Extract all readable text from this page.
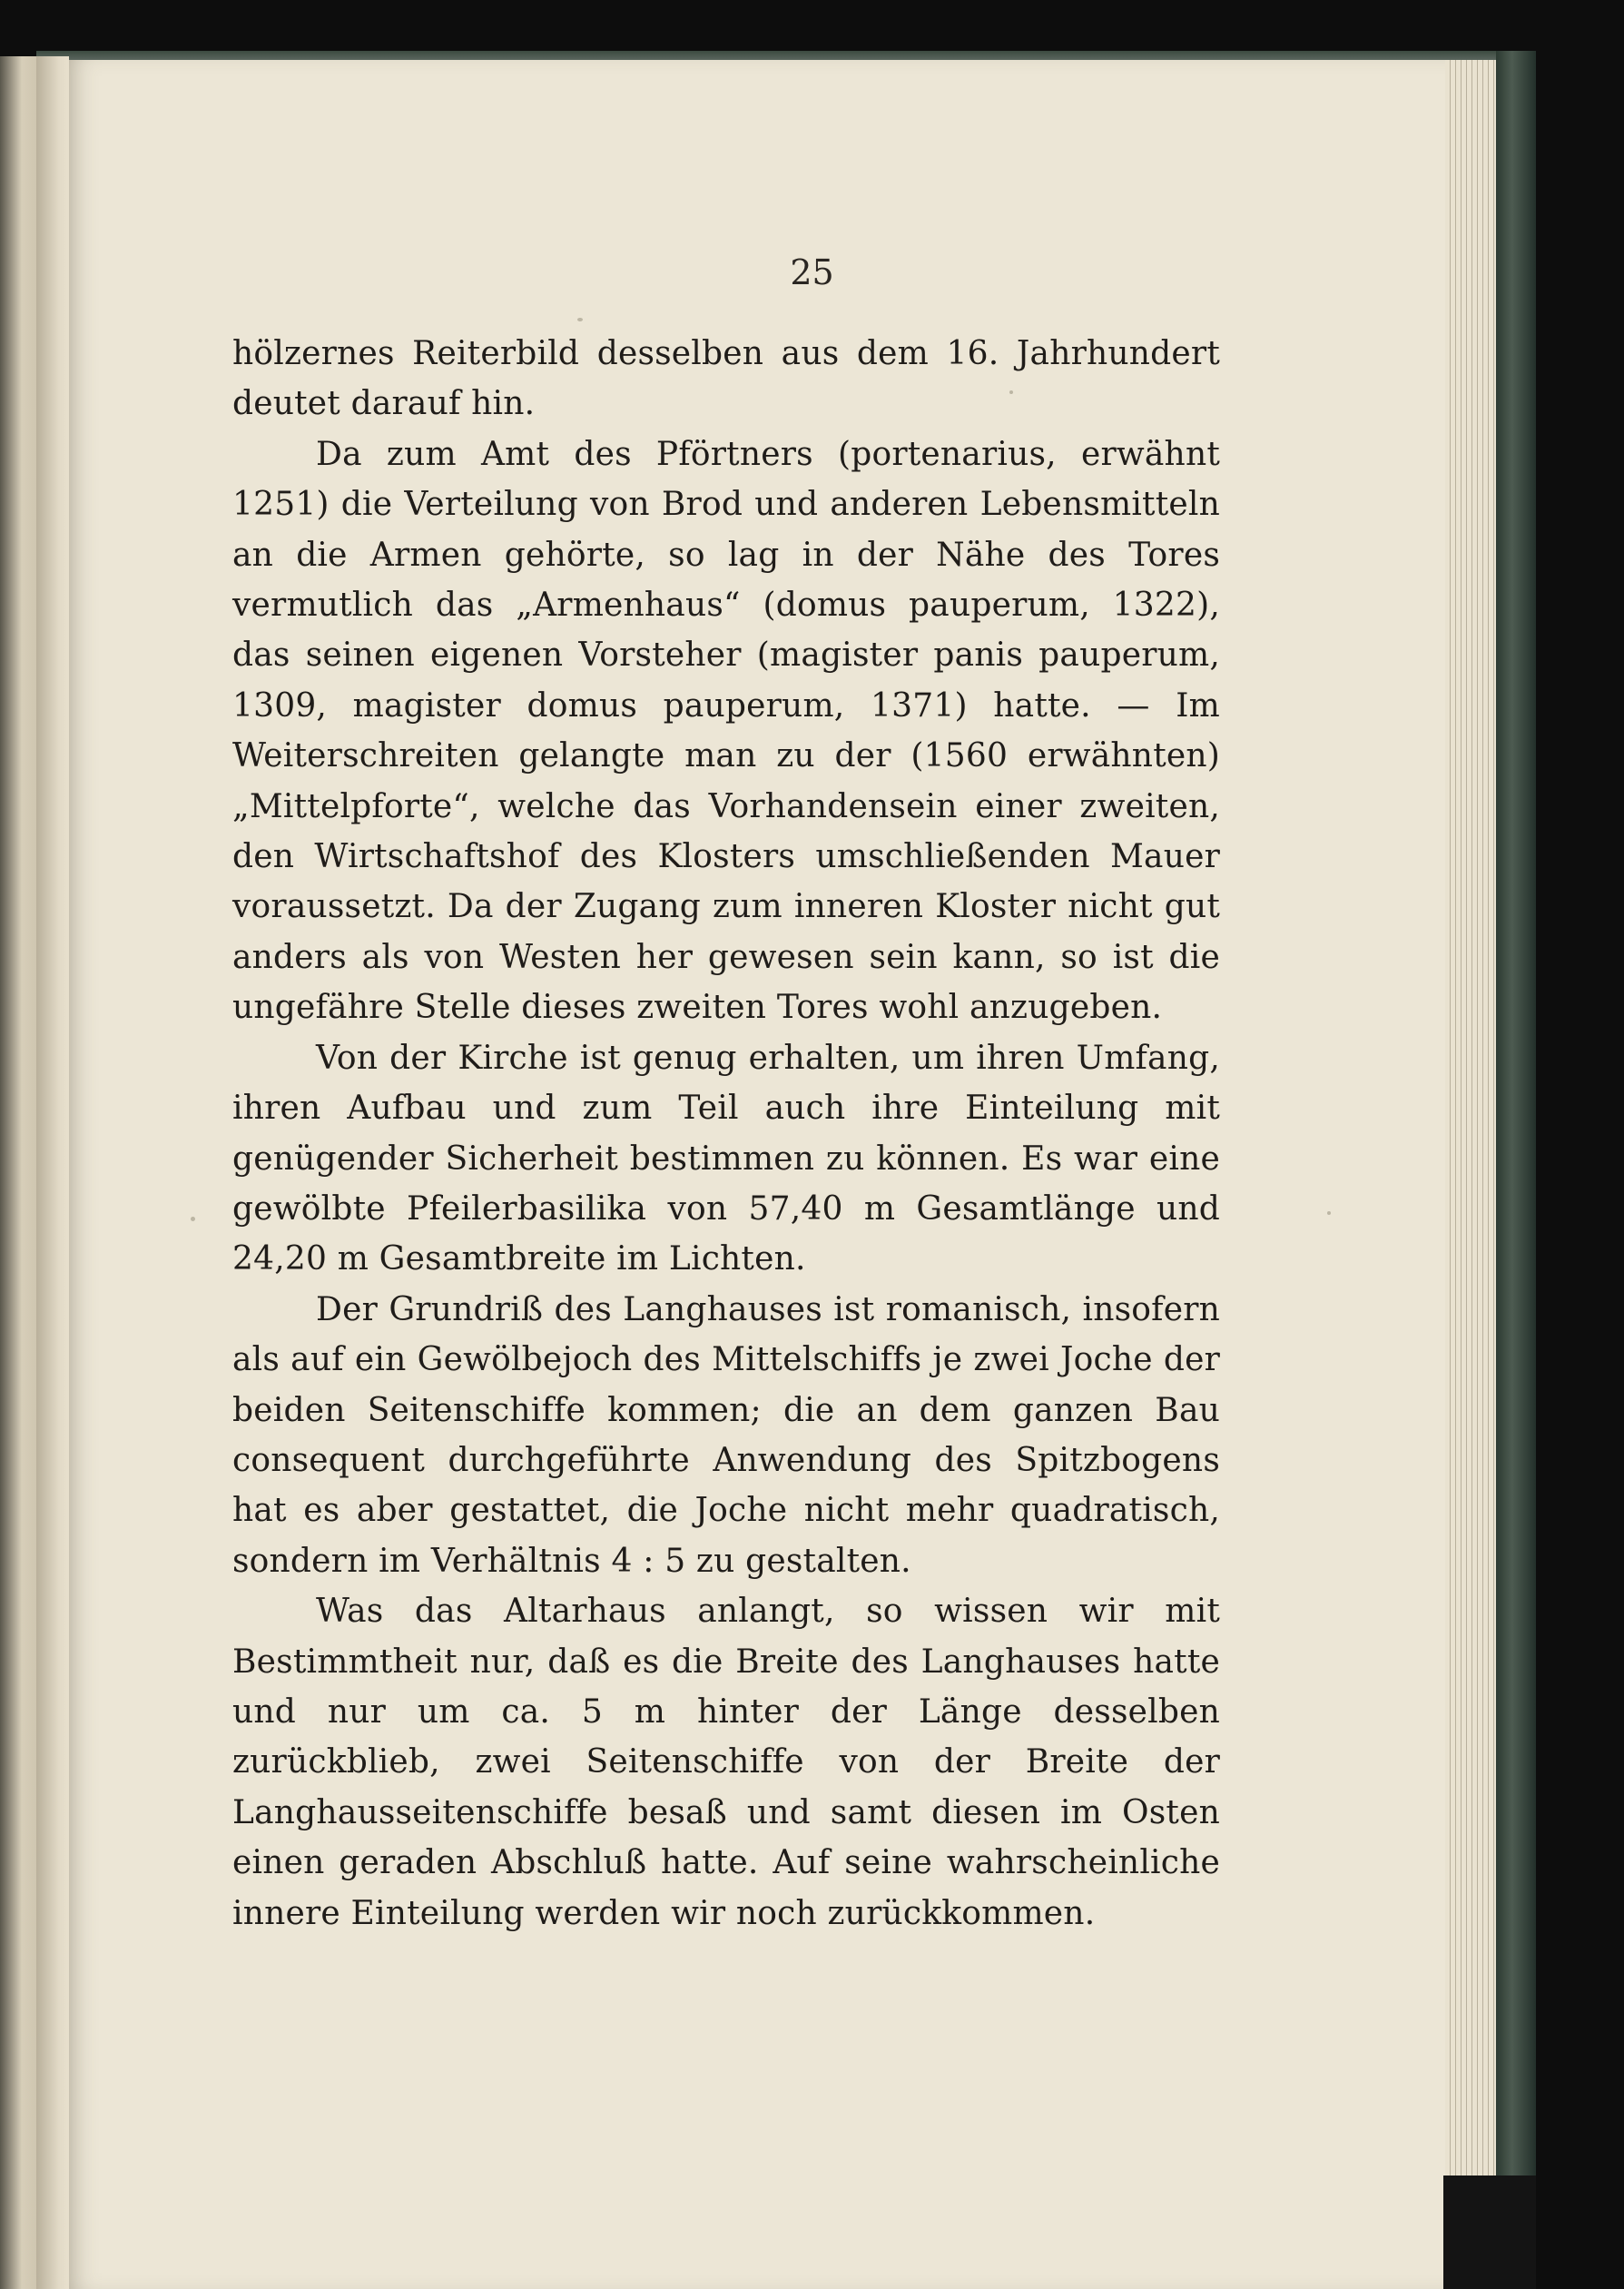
25

hölzernes Reiterbild desselben aus dem 16. Jahrhundert deutet darauf hin.

Da zum Amt des Pförtners (portenarius, erwähnt 1251) die Verteilung von Brod und anderen Lebensmitteln an die Armen gehörte, so lag in der Nähe des Tores vermutlich das „Armenhaus“ (domus pauperum, 1322), das seinen eigenen Vorsteher (magister panis pauperum, 1309, magister domus pauperum, 1371) hatte. — Im Weiterschreiten gelangte man zu der (1560 erwähnten) „Mittelpforte“, welche das Vorhandensein einer zweiten, den Wirtschaftshof des Klosters umschließenden Mauer voraussetzt. Da der Zugang zum inneren Kloster nicht gut anders als von Westen her gewesen sein kann, so ist die ungefähre Stelle dieses zweiten Tores wohl anzugeben.

Von der Kirche ist genug erhalten, um ihren Umfang, ihren Aufbau und zum Teil auch ihre Einteilung mit genügender Sicherheit bestimmen zu können. Es war eine gewölbte Pfeilerbasilika von 57,40 m Gesamtlänge und 24,20 m Gesamtbreite im Lichten.

Der Grundriß des Langhauses ist romanisch, insofern als auf ein Gewölbejoch des Mittelschiffs je zwei Joche der beiden Seitenschiffe kommen; die an dem ganzen Bau consequent durchgeführte Anwendung des Spitzbogens hat es aber gestattet, die Joche nicht mehr quadratisch, sondern im Verhältnis 4 : 5 zu gestalten.

Was das Altarhaus anlangt, so wissen wir mit Bestimmtheit nur, daß es die Breite des Langhauses hatte und nur um ca. 5 m hinter der Länge desselben zurückblieb, zwei Seitenschiffe von der Breite der Langhausseitenschiffe besaß und samt diesen im Osten einen geraden Abschluß hatte. Auf seine wahrscheinliche innere Einteilung werden wir noch zurückkommen.
